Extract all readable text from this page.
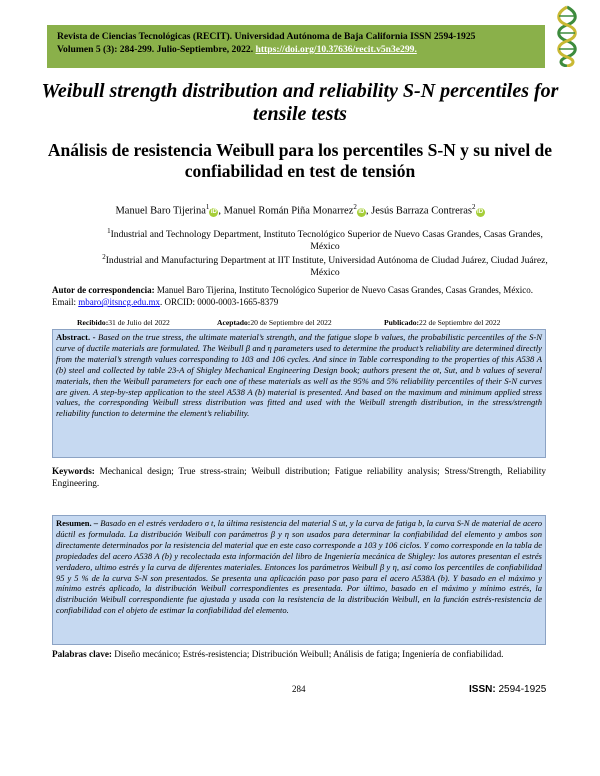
Revista de Ciencias Tecnológicas (RECIT). Universidad Autónoma de Baja California ISSN 2594-1925
Volumen 5 (3): 284-299. Julio-Septiembre, 2022. https://doi.org/10.37636/recit.v5n3e299.
Weibull strength distribution and reliability S-N percentiles for tensile tests
Análisis de resistencia Weibull para los percentiles S-N y su nivel de confiabilidad en test de tensión
Manuel Baro Tijerina$^1$iD , Manuel Román Piña Monarrez$^2$iD , Jesús Barraza Contreras$^2$iD
$^1$Industrial and Technology Department, Instituto Tecnológico Superior de Nuevo Casas Grandes, Casas Grandes, México
$^2$Industrial and Manufacturing Department at IIT Institute, Universidad Autónoma de Ciudad Juárez, Ciudad Juárez, México
Autor de correspondencia: Manuel Baro Tijerina, Instituto Tecnológico Superior de Nuevo Casas Grandes, Casas Grandes, México. Email: mbaro@itsncg.edu.mx. ORCID: 0000-0003-1665-8379
Recibido: 31 de Julio del 2022	Aceptado: 20 de Septiembre del 2022	Publicado: 22 de Septiembre del 2022
Abstract. - Based on the true stress, the ultimate material’s strength, and the fatigue slope b values, the probabilistic percentiles of the S-N curve of ductile materials are formulated. The Weibull β and η parameters used to determine the product’s reliability are determined directly from the material’s strength values corresponding to 103 and 106 cycles. And since in Table corresponding to the properties of this A538 A (b) steel and collected by table 23-A of Shigley Mechanical Engineering Design book; authors present the σt, Sut, and b values of several materials, then the Weibull parameters for each one of these materials as well as the 95% and 5% reliability percentiles of their S-N curves are given. A step-by-step application to the steel A538 A (b) material is presented. And based on the maximum and minimum applied stress values, the corresponding Weibull stress distribution was fitted and used with the Weibull strength distribution, in the stress/strength reliability function to determine the element’s reliability.
Keywords: Mechanical design; True stress-strain; Weibull distribution; Fatigue reliability analysis; Stress/Strength, Reliability Engineering.
Resumen. – Basado en el estrés verdadero σ t, la última resistencia del material S ut, y la curva de fatiga b, la curva S-N de material de acero dúctil es formulada. La distribución Weibull con parámetros β y η son usados para determinar la confiabilidad del elemento y ambos son directamente determinados por la resistencia del material que en este caso corresponde a 103 y 106 ciclos. Y como corresponde en la tabla de propiedades del acero A538 A (b) y recolectada esta información del libro de Ingeniería mecánica de Shigley: los autores presentan el estrés verdadero, ultimo estrés y la curva de diferentes materiales. Entonces los parámetros Weibull β y η, así como los percentiles de confiabilidad 95 y 5 % de la curva S-N son presentados. Se presenta una aplicación paso por paso para el acero A538A (b). Y basado en el máximo y mínimo estrés aplicado, la distribución Weibull correspondientes es presentada. Por último, basado en el máximo y mínimo estrés, la distribución Weibull correspondiente fue ajustada y usada con la resistencia de la distribución Weibull, en la función estrés-resistencia de confiabilidad con el objeto de estimar la confiabilidad del elemento.
Palabras clave: Diseño mecánico; Estrés-resistencia; Distribución Weibull; Análisis de fatiga; Ingeniería de confiabilidad.
284	ISSN: 2594-1925
